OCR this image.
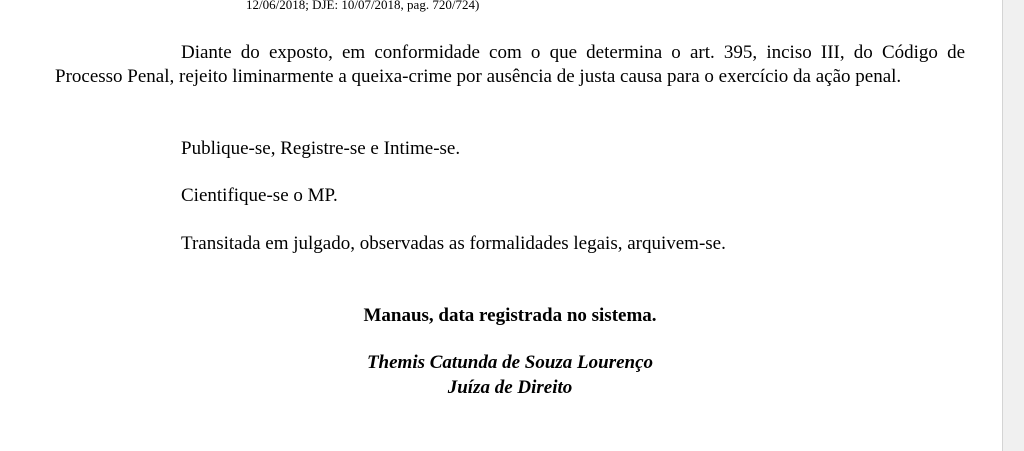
12/06/2018; DJE: 10/07/2018, pag. 720/724)

Diante do exposto, em conformidade com o que determina o art. 395, inciso III, do Código de Processo Penal, rejeito liminarmente a queixa-crime por ausência de justa causa para o exercício da ação penal.

Publique-se, Registre-se e Intime-se.

Cientifique-se o MP.

Transitada em julgado, observadas as formalidades legais, arquivem-se.

Manaus, data registrada no sistema.

Themis Catunda de Souza Lourenço

Juíza de Direito
